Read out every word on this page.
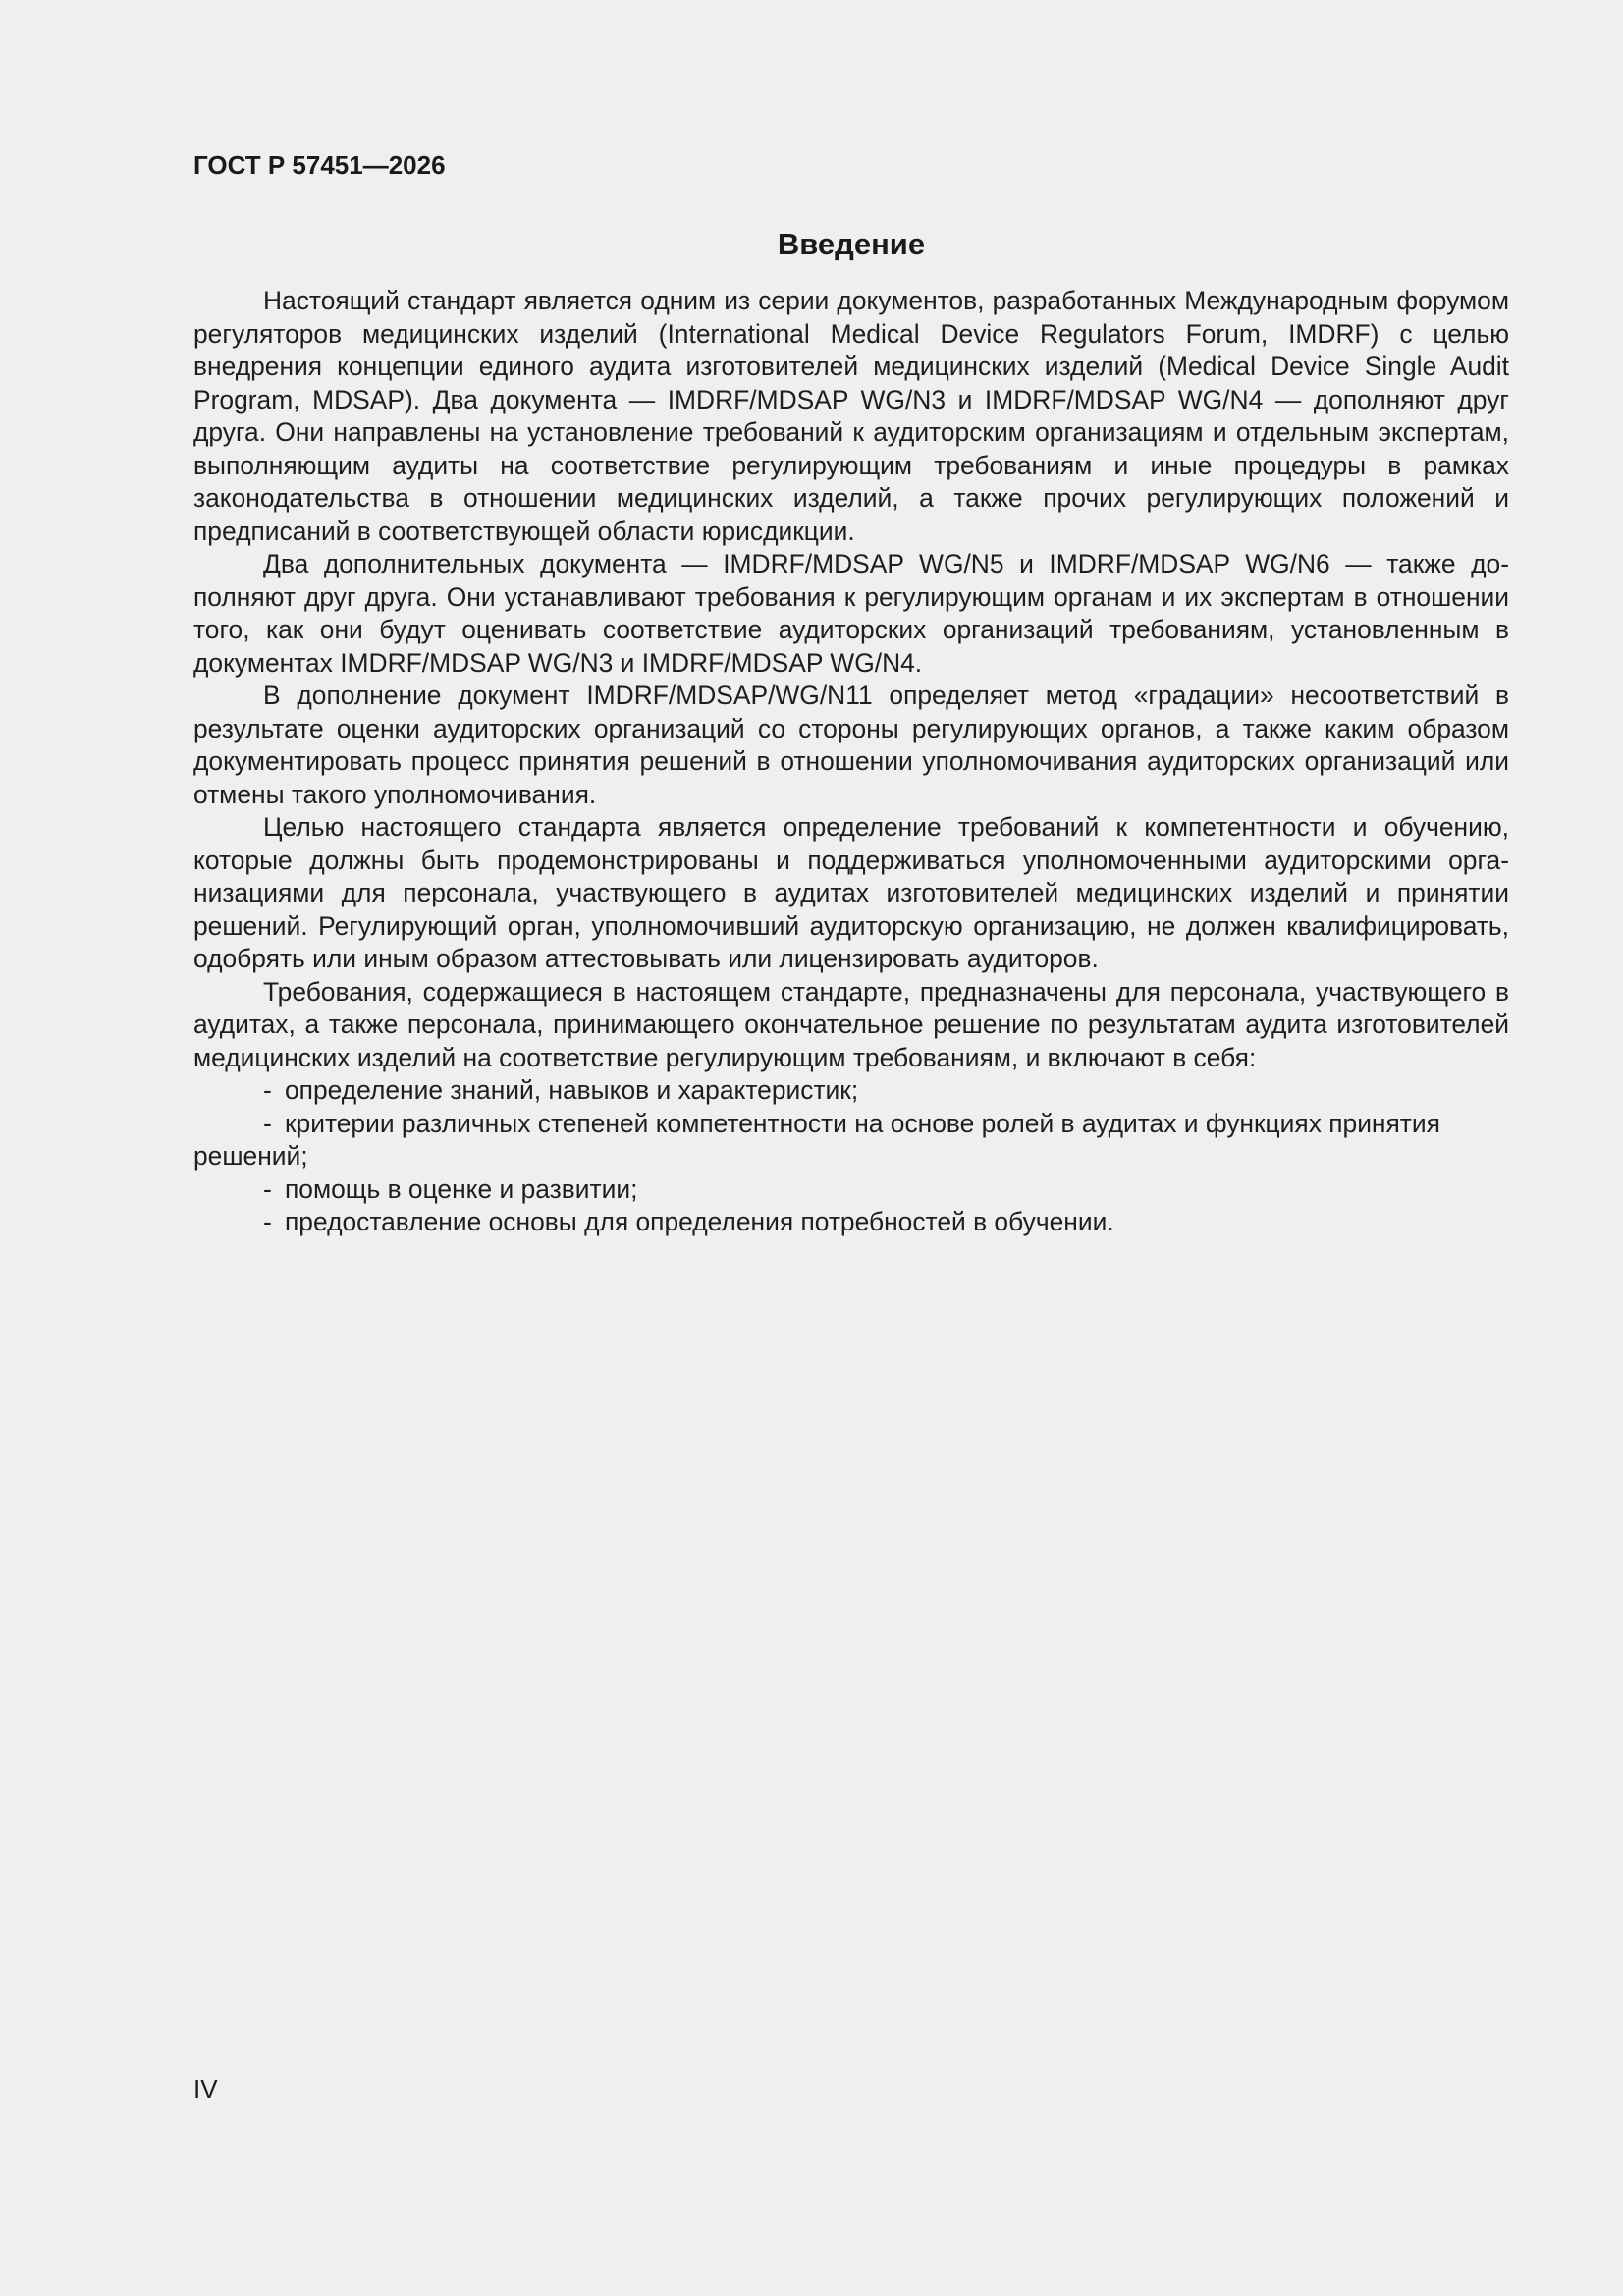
ГОСТ Р 57451—2026
Введение

Настоящий стандарт является одним из серии документов, разработанных Международным форумом регуляторов медицинских изделий (International Medical Device Regulators Forum, IMDRF) с целью внедрения концепции единого аудита изготовителей медицинских изделий (Medical Device Single Audit Program, MDSAP). Два документа — IMDRF/MDSAP WG/N3 и IMDRF/MDSAP WG/N4 — дополняют друг друга. Они направлены на установление требований к аудиторским организациям и отдельным экспертам, выполняющим аудиты на соответствие регулирующим требованиям и иные процедуры в рамках законодательства в отношении медицинских изделий, а также прочих регулирующих положений и предписаний в соответствующей области юрисдикции.

Два дополнительных документа — IMDRF/MDSAP WG/N5 и IMDRF/MDSAP WG/N6 — также дополняют друг друга. Они устанавливают требования к регулирующим органам и их экспертам в отношении того, как они будут оценивать соответствие аудиторских организаций требованиям, установленным в документах IMDRF/MDSAP WG/N3 и IMDRF/MDSAP WG/N4.

В дополнение документ IMDRF/MDSAP/WG/N11 определяет метод «градации» несоответствий в результате оценки аудиторских организаций со стороны регулирующих органов, а также каким образом документировать процесс принятия решений в отношении уполномочивания аудиторских организаций или отмены такого уполномочивания.

Целью настоящего стандарта является определение требований к компетентности и обучению, которые должны быть продемонстрированы и поддерживаться уполномоченными аудиторскими организациями для персонала, участвующего в аудитах изготовителей медицинских изделий и принятии решений. Регулирующий орган, уполномочивший аудиторскую организацию, не должен квалифицировать, одобрять или иным образом аттестовывать или лицензировать аудиторов.

Требования, содержащиеся в настоящем стандарте, предназначены для персонала, участвующего в аудитах, а также персонала, принимающего окончательное решение по результатам аудита изготовителей медицинских изделий на соответствие регулирующим требованиям, и включают в себя:

- определение знаний, навыков и характеристик;
- критерии различных степеней компетентности на основе ролей в аудитах и функциях принятия решений;
- помощь в оценке и развитии;
- предоставление основы для определения потребностей в обучении.
IV
